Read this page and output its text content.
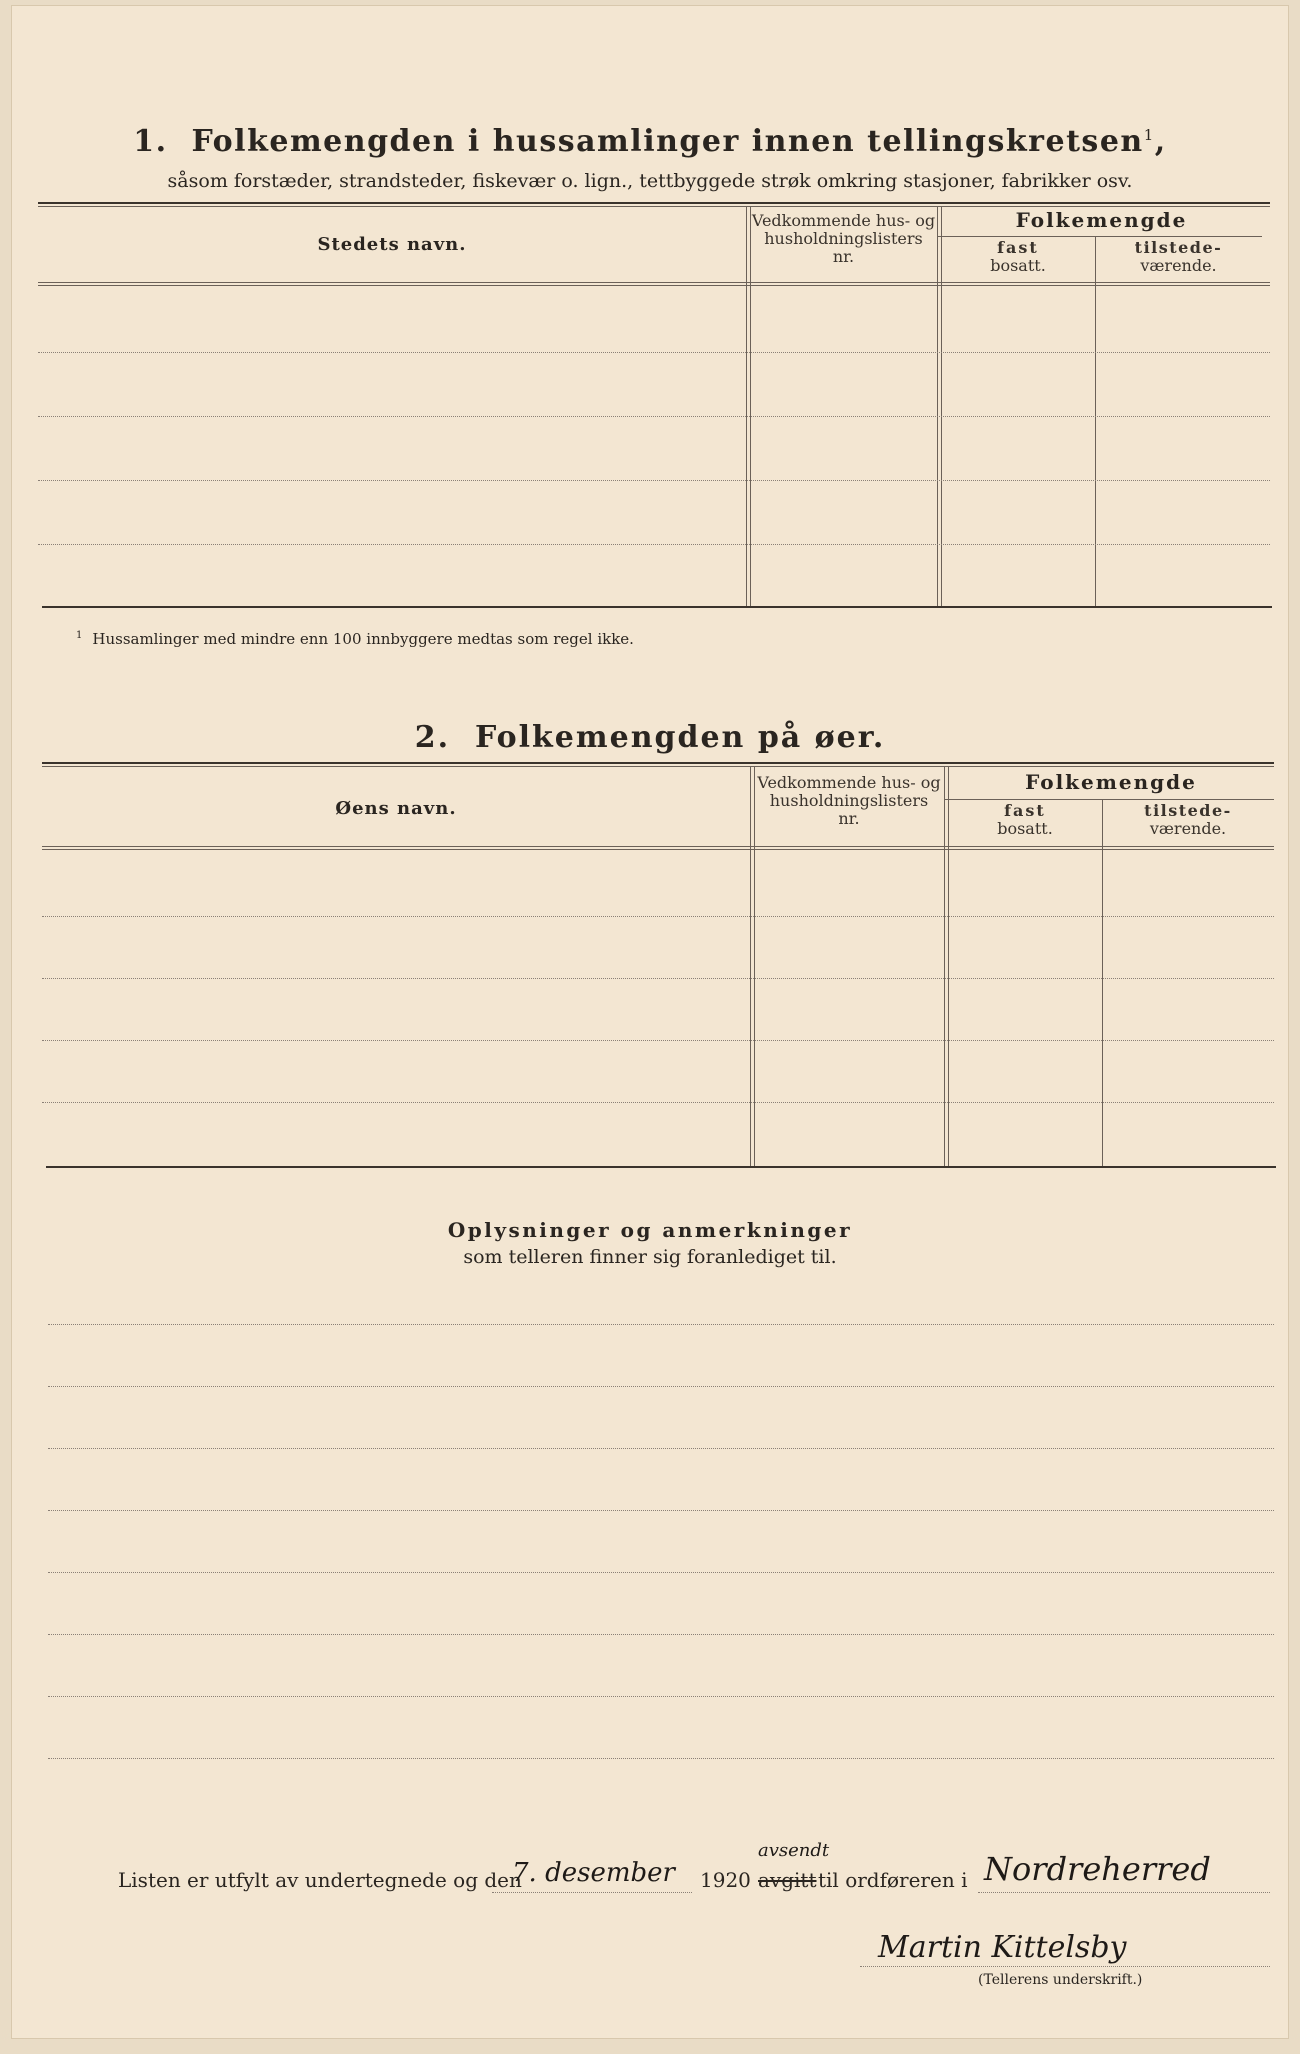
1. Folkemengden i hussamlinger innen tellingskretsen$^1$,
såsom forstæder, strandsteder, fiskevær o. lign., tettbyggede strøk omkring stasjoner, fabrikker osv.
Stedets navn.
Vedkommende hus- og
husholdningslisters
nr.
Folkemengde
fast
bosatt.
tilstede-
værende.
$^1$ Hussamlinger med mindre enn 100 innbyggere medtas som regel ikke.
2. Folkemengden på øer.
Øens navn.
Vedkommende hus- og
husholdningslisters
nr.
Folkemengde
fast
bosatt.
tilstede-
værende.
Oplysninger og anmerkninger
som telleren finner sig foranlediget til.
Listen er utfylt av undertegnede og den
7. desember 1920
avsendt
avgitt til ordføreren i Nordreherred
Martin Kittelsby
(Tellerens underskrift.)
